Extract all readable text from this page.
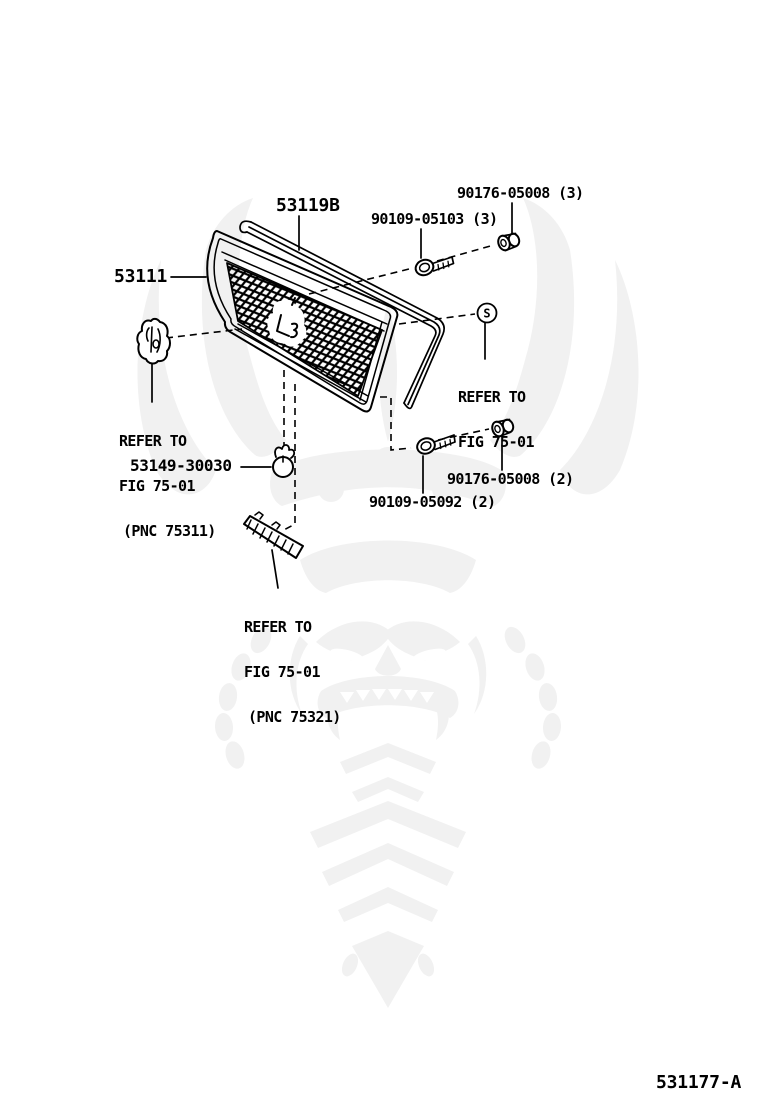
S
53119B
90176-05008 (3)
90109-05103 (3)
53111

REFER TO

FIG 75-01

REFER TO

FIG 75-01

(PNC 75311)

53149-30030
90176-05008 (2)
90109-05092 (2)

REFER TO

FIG 75-01

(PNC 75321)

531177-A
